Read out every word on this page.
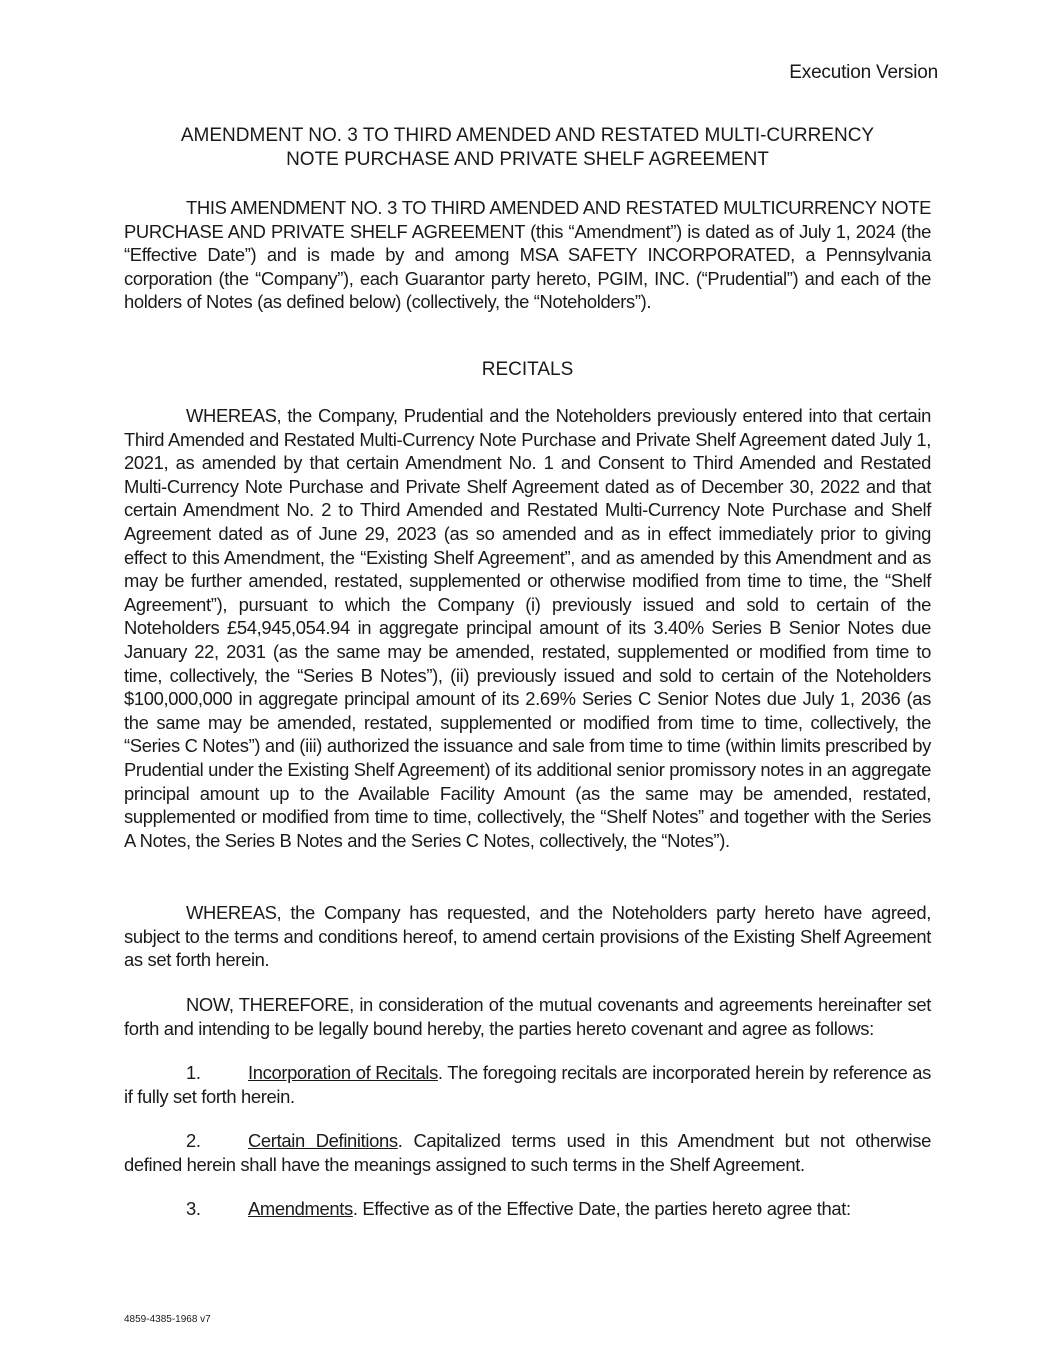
Execution Version
AMENDMENT NO. 3 TO THIRD AMENDED AND RESTATED MULTI-CURRENCY
NOTE PURCHASE AND PRIVATE SHELF AGREEMENT
THIS AMENDMENT NO. 3 TO THIRD AMENDED AND RESTATED MULTICURRENCY NOTE PURCHASE AND PRIVATE SHELF AGREEMENT (this “Amendment”) is dated as of July 1, 2024 (the “Effective Date”) and is made by and among MSA SAFETY INCORPORATED, a Pennsylvania corporation (the “Company”), each Guarantor party hereto, PGIM, INC. (“Prudential”) and each of the holders of Notes (as defined below) (collectively, the “Noteholders”).
RECITALS
WHEREAS, the Company, Prudential and the Noteholders previously entered into that certain Third Amended and Restated Multi-Currency Note Purchase and Private Shelf Agreement dated July 1, 2021, as amended by that certain Amendment No. 1 and Consent to Third Amended and Restated Multi-Currency Note Purchase and Private Shelf Agreement dated as of December 30, 2022 and that certain Amendment No. 2 to Third Amended and Restated Multi-Currency Note Purchase and Shelf Agreement dated as of June 29, 2023 (as so amended and as in effect immediately prior to giving effect to this Amendment, the “Existing Shelf Agreement”, and as amended by this Amendment and as may be further amended, restated, supplemented or otherwise modified from time to time, the “Shelf Agreement”), pursuant to which the Company (i) previously issued and sold to certain of the Noteholders £54,945,054.94 in aggregate principal amount of its 3.40% Series B Senior Notes due January 22, 2031 (as the same may be amended, restated, supplemented or modified from time to time, collectively, the “Series B Notes”), (ii) previously issued and sold to certain of the Noteholders $100,000,000 in aggregate principal amount of its 2.69% Series C Senior Notes due July 1, 2036 (as the same may be amended, restated, supplemented or modified from time to time, collectively, the “Series C Notes”) and (iii) authorized the issuance and sale from time to time (within limits prescribed by Prudential under the Existing Shelf Agreement) of its additional senior promissory notes in an aggregate principal amount up to the Available Facility Amount (as the same may be amended, restated, supplemented or modified from time to time, collectively, the “Shelf Notes” and together with the Series A Notes, the Series B Notes and the Series C Notes, collectively, the “Notes”).
WHEREAS, the Company has requested, and the Noteholders party hereto have agreed, subject to the terms and conditions hereof, to amend certain provisions of the Existing Shelf Agreement as set forth herein.
NOW, THEREFORE, in consideration of the mutual covenants and agreements hereinafter set forth and intending to be legally bound hereby, the parties hereto covenant and agree as follows:
1.	Incorporation of Recitals. The foregoing recitals are incorporated herein by reference as if fully set forth herein.
2.	Certain Definitions. Capitalized terms used in this Amendment but not otherwise defined herein shall have the meanings assigned to such terms in the Shelf Agreement.
3.	Amendments. Effective as of the Effective Date, the parties hereto agree that:
4859-4385-1968 v7
